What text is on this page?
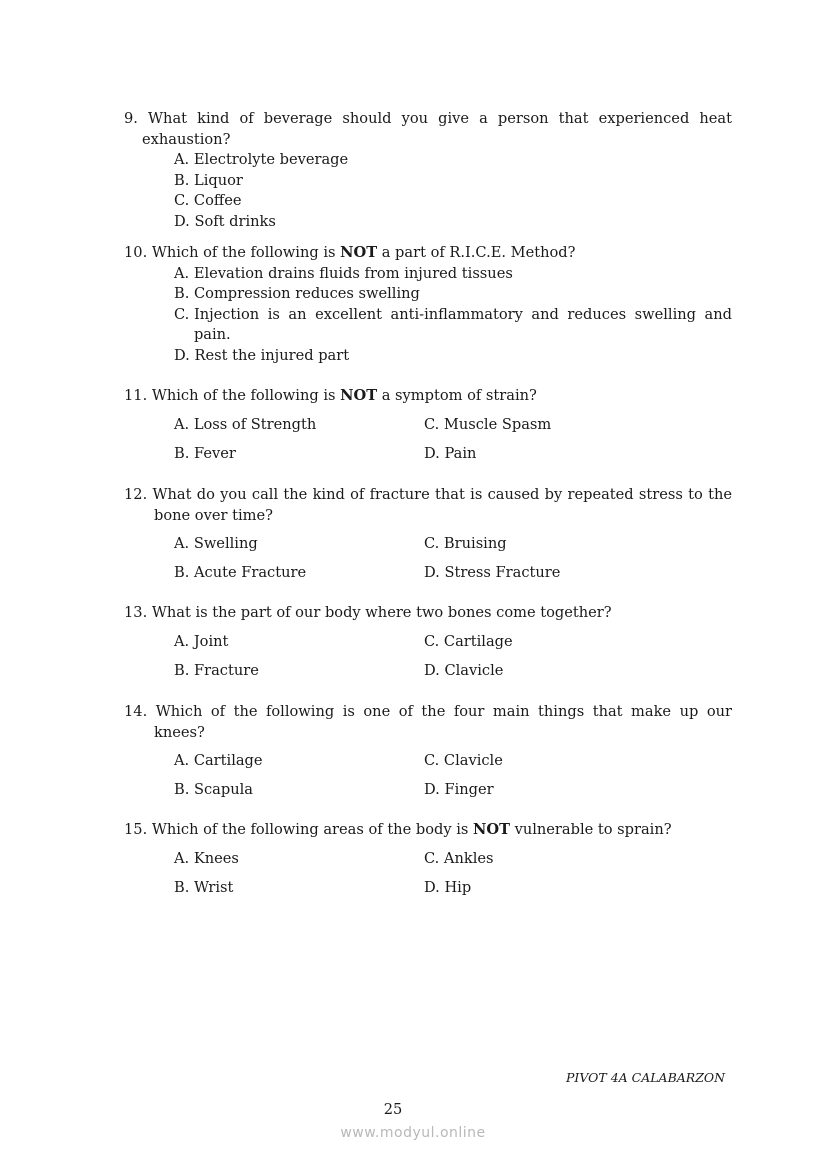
9. What kind of beverage should you give a person that experienced heat

exhaustion?

A. Electrolyte beverage
B. Liquor
C. Coffee
D. Soft drinks

10. Which of the following is NOT a part of R.I.C.E. Method?

A. Elevation drains fluids from injured tissues
B. Compression reduces swelling
C.
Injection is an excellent anti-inflammatory and reduces swelling and
pain.
D. Rest the injured part

11. Which of the following is NOT a symptom of strain?

A. Loss of Strength	C. Muscle Spasm
B. Fever	D. Pain

12. What do you call the kind of fracture that is caused by repeated stress to the

bone over time?

A. Swelling	C. Bruising
B. Acute Fracture	D. Stress Fracture

13. What is the part of our body where two bones come together?

A. Joint	C. Cartilage
B. Fracture	D. Clavicle

14. Which of the following is one of the four main things that make up our

knees?

A. Cartilage	C. Clavicle
B. Scapula	D. Finger

15. Which of the following areas of the body is NOT vulnerable to sprain?

A. Knees	C. Ankles
B. Wrist	D. Hip
PIVOT 4A CALABARZON
25
www.modyul.online
